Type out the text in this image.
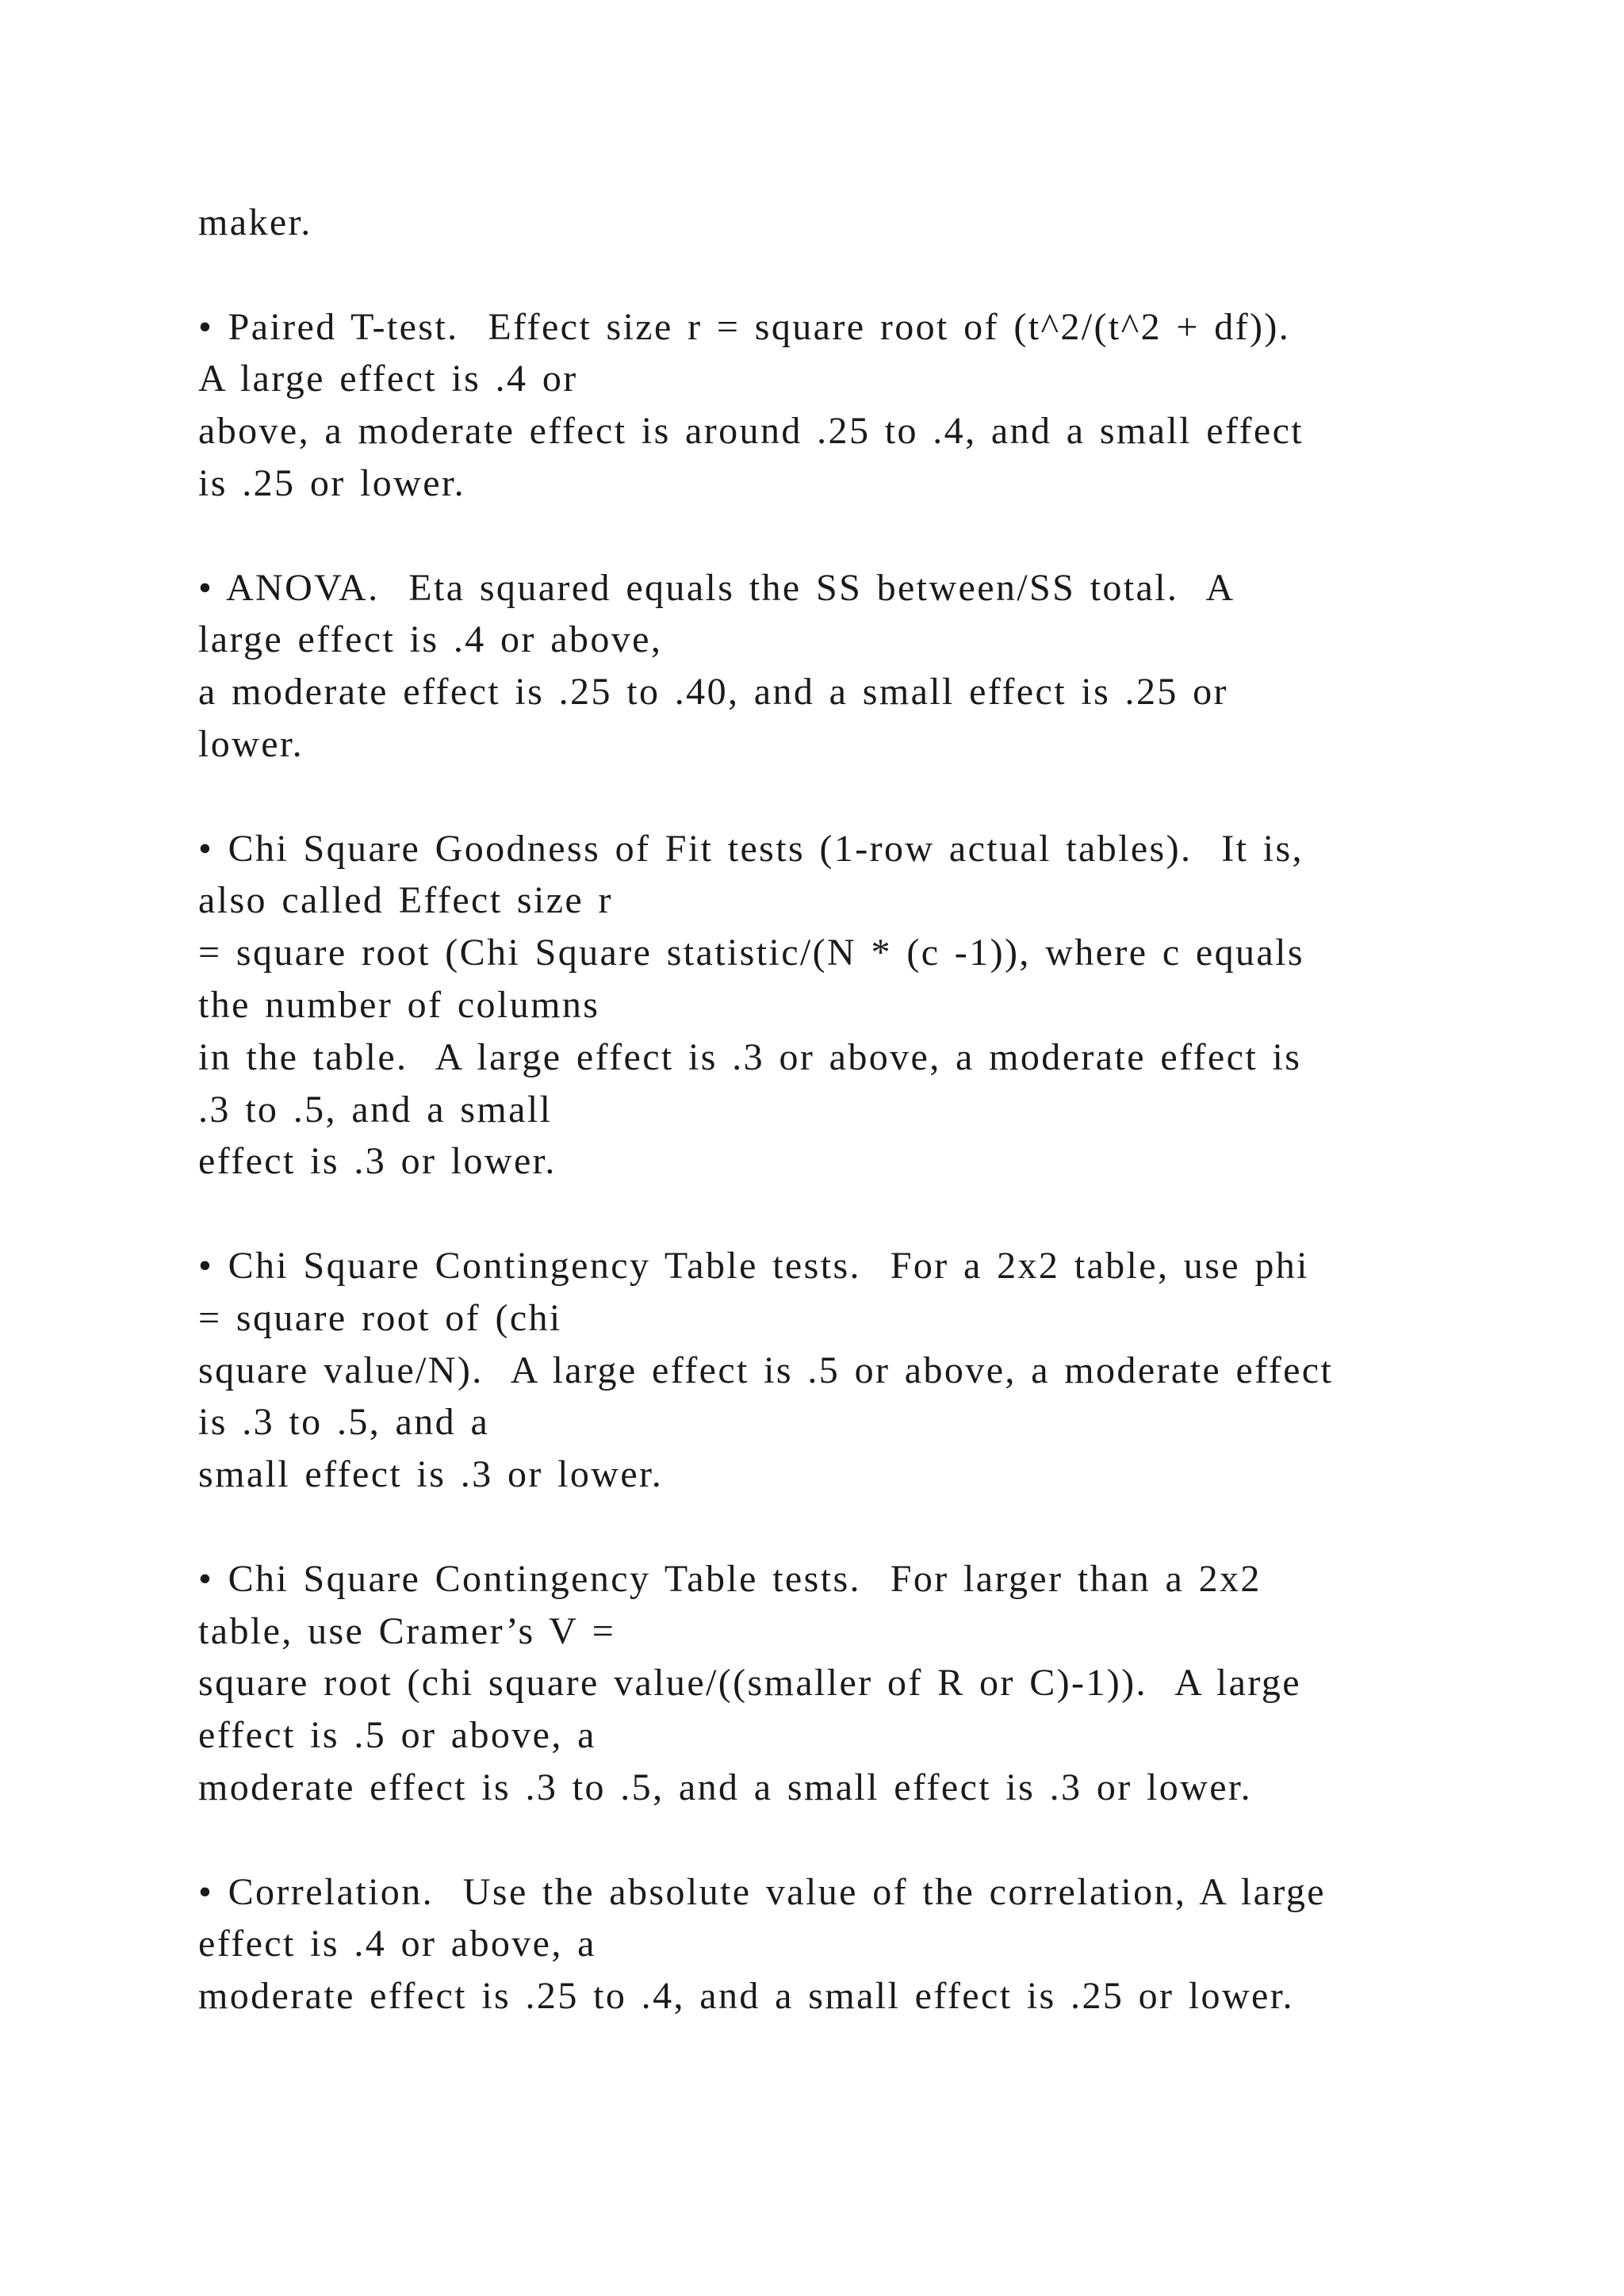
maker.
• Paired T-test.  Effect size r = square root of (t^2/(t^2 + df)).
A large effect is .4 or
above, a moderate effect is around .25 to .4, and a small effect
is .25 or lower.
• ANOVA.  Eta squared equals the SS between/SS total.  A
large effect is .4 or above,
a moderate effect is .25 to .40, and a small effect is .25 or
lower.
• Chi Square Goodness of Fit tests (1-row actual tables).  It is,
also called Effect size r
= square root (Chi Square statistic/(N * (c -1)), where c equals
the number of columns
in the table.  A large effect is .3 or above, a moderate effect is
.3 to .5, and a small
effect is .3 or lower.
• Chi Square Contingency Table tests.  For a 2x2 table, use phi
= square root of (chi
square value/N).  A large effect is .5 or above, a moderate effect
is .3 to .5, and a
small effect is .3 or lower.
• Chi Square Contingency Table tests.  For larger than a 2x2
table, use Cramer’s V =
square root (chi square value/((smaller of R or C)-1)).  A large
effect is .5 or above, a
moderate effect is .3 to .5, and a small effect is .3 or lower.
• Correlation.  Use the absolute value of the correlation, A large
effect is .4 or above, a
moderate effect is .25 to .4, and a small effect is .25 or lower.
